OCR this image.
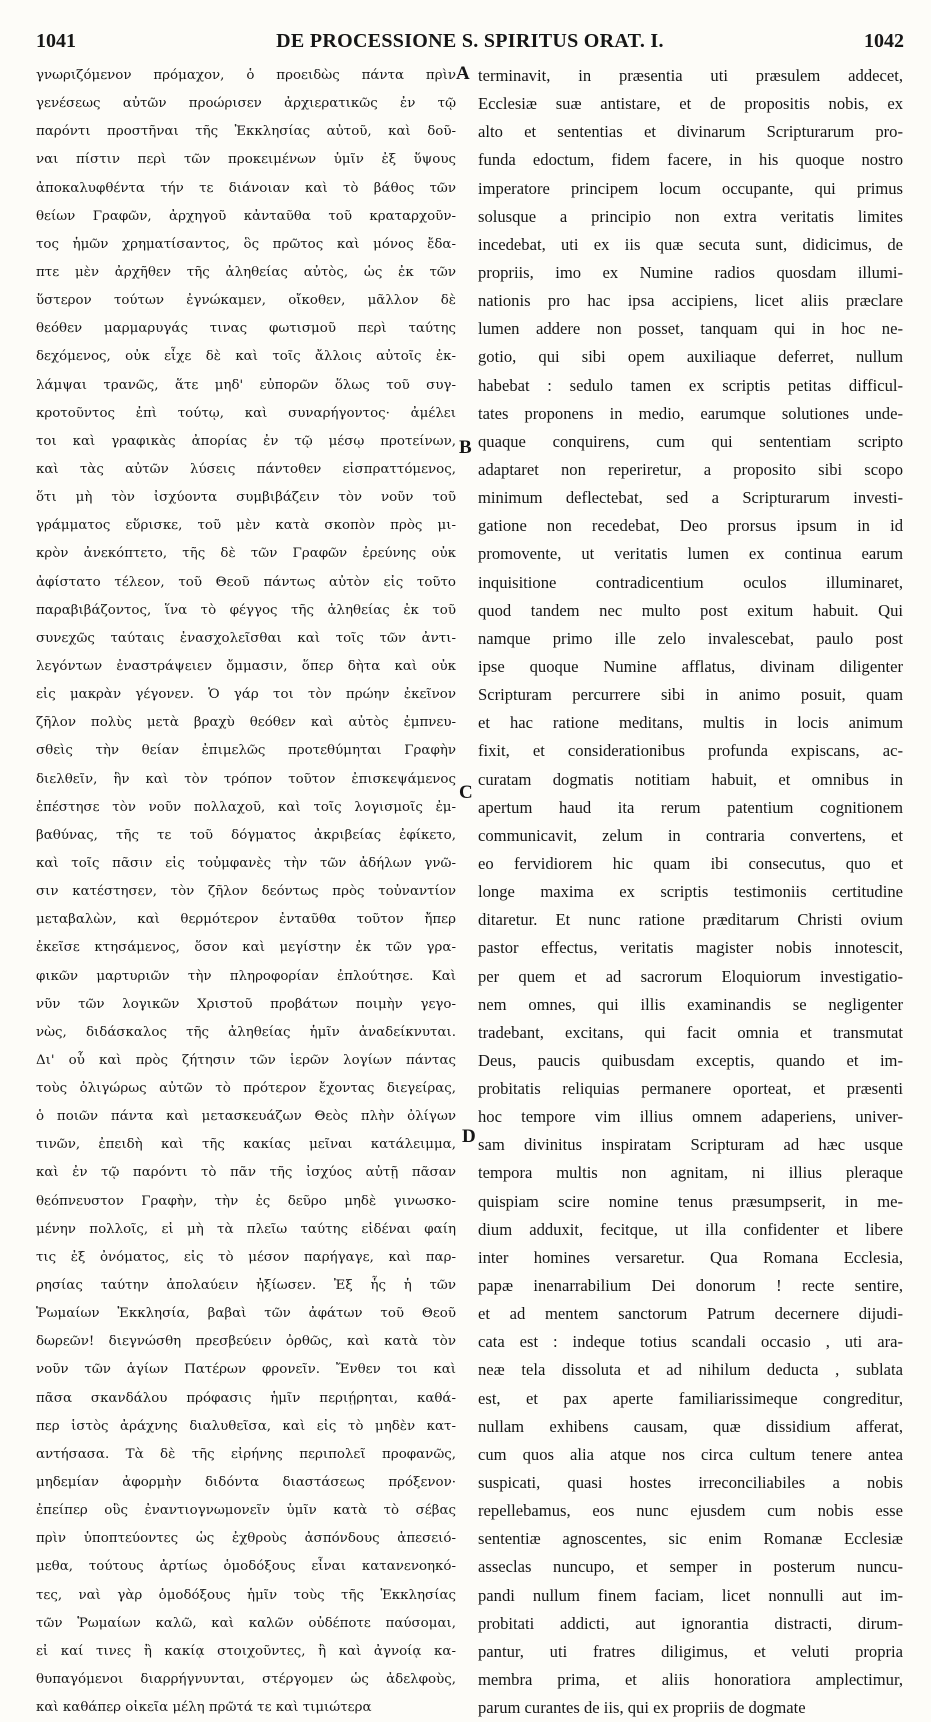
1041	DE PROCESSIONE S. SPIRITUS ORAT. I.	1042
γνωριζόμενον πρόμαχον, ὁ προειδὼς πάντα πρὶν
γενέσεως αὐτῶν προώρισεν ἀρχιερατικῶς ἐν τῷ
παρόντι προστῆναι τῆς Ἐκκλησίας αὐτοῦ, καὶ δοῦ-
ναι πίστιν περὶ τῶν προκειμένων ὑμῖν ἐξ ὕψους
ἀποκαλυφθέντα τήν τε διάνοιαν καὶ τὸ βάθος τῶν
θείων Γραφῶν, ἀρχηγοῦ κἀνταῦθα τοῦ κραταρχοῦν-
τος ἡμῶν χρηματίσαντος, ὃς πρῶτος καὶ μόνος ἔδα-
πτε μὲν ἀρχῆθεν τῆς ἀληθείας αὐτὸς, ὡς ἐκ τῶν
ὕστερον τούτων ἐγνώκαμεν, οἴκοθεν, μᾶλλον δὲ
θεόθεν μαρμαρυγάς τινας φωτισμοῦ περὶ ταύτης
δεχόμενος, οὐκ εἶχε δὲ καὶ τοῖς ἄλλοις αὐτοῖς ἐκ-
λάμψαι τρανῶς, ἅτε μηδ' εὐπορῶν ὅλως τοῦ συγ-
κροτοῦντος ἐπὶ τούτῳ, καὶ συναρήγοντος· ἀμέλει
τοι καὶ γραφικὰς ἀπορίας ἐν τῷ μέσῳ προτείνων,
καὶ τὰς αὐτῶν λύσεις πάντοθεν εἰσπραττόμενος,
ὅτι μὴ τὸν ἰσχύοντα συμβιβάζειν τὸν νοῦν τοῦ
γράμματος εὕρισκε, τοῦ μὲν κατὰ σκοπὸν πρὸς μι-
κρὸν ἀνεκόπτετο, τῆς δὲ τῶν Γραφῶν ἐρεύνης οὐκ
ἀφίστατο τέλεον, τοῦ Θεοῦ πάντως αὐτὸν εἰς τοῦτο
παραβιβάζοντος, ἵνα τὸ φέγγος τῆς ἀληθείας ἐκ τοῦ
συνεχῶς ταύταις ἐνασχολεῖσθαι καὶ τοῖς τῶν ἀντι-
λεγόντων ἐναστράψειεν ὄμμασιν, ὅπερ δὴτα καὶ οὐκ
εἰς μακρὰν γέγονεν. Ὁ γάρ τοι τὸν πρώην ἐκεῖνον
ζῆλον πολὺς μετὰ βραχὺ θεόθεν καὶ αὐτὸς ἐμπνευ-
σθεὶς τὴν θείαν ἐπιμελῶς προτεθύμηται Γραφὴν
διελθεῖν, ἣν καὶ τὸν τρόπον τοῦτον ἐπισκεψάμενος
ἐπέστησε τὸν νοῦν πολλαχοῦ, καὶ τοῖς λογισμοῖς ἐμ-
βαθύνας, τῆς τε τοῦ δόγματος ἀκριβείας ἐφίκετο,
καὶ τοῖς πᾶσιν εἰς τοὐμφανὲς τὴν τῶν ἀδήλων γνῶ-
σιν κατέστησεν, τὸν ζῆλον δεόντως πρὸς τοὐναντίον
μεταβαλὼν, καὶ θερμότερον ἐνταῦθα τοῦτον ἤπερ
ἐκεῖσε κτησάμενος, ὅσον καὶ μεγίστην ἐκ τῶν γρα-
φικῶν μαρτυριῶν τὴν πληροφορίαν ἐπλούτησε. Καὶ
νῦν τῶν λογικῶν Χριστοῦ προβάτων ποιμὴν γεγο-
νὼς, διδάσκαλος τῆς ἀληθείας ἡμῖν ἀναδείκνυται.
Δι' οὗ καὶ πρὸς ζήτησιν τῶν ἱερῶν λογίων πάντας
τοὺς ὀλιγώρως αὐτῶν τὸ πρότερον ἔχοντας διεγείρας,
ὁ ποιῶν πάντα καὶ μετασκευάζων Θεὸς πλὴν ὀλίγων
τινῶν, ἐπειδὴ καὶ τῆς κακίας μεῖναι κατάλειμμα,
καὶ ἐν τῷ παρόντι τὸ πᾶν τῆς ἰσχύος αὐτῇ πᾶσαν
θεόπνευστον Γραφὴν, τὴν ἐς δεῦρο μηδὲ γινωσκο-
μένην πολλοῖς, εἰ μὴ τὰ πλεῖω ταύτης εἰδέναι φαίη
τις ἐξ ὀνόματος, εἰς τὸ μέσον παρήγαγε, καὶ παρ-
ρησίας ταύτην ἀπολαύειν ἠξίωσεν. Ἐξ ἧς ἡ τῶν
Ῥωμαίων Ἐκκλησία, βαβαὶ τῶν ἀφάτων τοῦ Θεοῦ
δωρεῶν! διεγνώσθη πρεσβεύειν ὀρθῶς, καὶ κατὰ τὸν
νοῦν τῶν ἁγίων Πατέρων φρονεῖν. Ἔνθεν τοι καὶ
πᾶσα σκανδάλου πρόφασις ἡμῖν περιῄρηται, καθά-
περ ἱστὸς ἀράχνης διαλυθεῖσα, καὶ εἰς τὸ μηδὲν κατ-
αντήσασα. Τὰ δὲ τῆς εἰρήνης περιπολεῖ προφανῶς,
μηδεμίαν ἀφορμὴν διδόντα διαστάσεως πρόξενον·
ἐπείπερ οὓς ἐναντιογνωμονεῖν ὑμῖν κατὰ τὸ σέβας
πρὶν ὑποπτεύοντες ὡς ἐχθροὺς ἀσπόνδους ἀπεσειό-
μεθα, τούτους ἀρτίως ὁμοδόξους εἶναι κατανενοηκό-
τες, ναὶ γὰρ ὁμοδόξους ἡμῖν τοὺς τῆς Ἐκκλησίας
τῶν Ῥωμαίων καλῶ, καὶ καλῶν οὐδέποτε παύσομαι,
εἰ καί τινες ἢ κακίᾳ στοιχοῦντες, ἢ καὶ ἀγνοίᾳ κα-
θυπαγόμενοι διαρρήγνυνται, στέργομεν ὡς ἀδελφοὺς,
καὶ καθάπερ οἰκεῖα μέλη πρῶτά τε καὶ τιμιώτερα
terminavit, in præsentia uti præsulem addecet,
Ecclesiæ suæ antistare, et de propositis nobis, ex
alto et sententias et divinarum Scripturarum pro-
funda edoctum, fidem facere, in his quoque nostro
imperatore principem locum occupante, qui primus
solusque a principio non extra veritatis limites
incedebat, uti ex iis quæ secuta sunt, didicimus, de
propriis, imo ex Numine radios quosdam illumi-
nationis pro hac ipsa accipiens, licet aliis præclare
lumen addere non posset, tanquam qui in hoc ne-
gotio, qui sibi opem auxiliaque deferret, nullum
habebat : sedulo tamen ex scriptis petitas difficul-
tates proponens in medio, earumque solutiones unde-
quaque conquirens, cum qui sententiam scripto
adaptaret non reperiretur, a proposito sibi scopo
minimum deflectebat, sed a Scripturarum investi-
gatione non recedebat, Deo prorsus ipsum in id
promovente, ut veritatis lumen ex continua earum
inquisitione contradicentium oculos illuminaret,
quod tandem nec multo post exitum habuit. Qui
namque primo ille zelo invalescebat, paulo post
ipse quoque Numine afflatus, divinam diligenter
Scripturam percurrere sibi in animo posuit, quam
et hac ratione meditans, multis in locis animum
fixit, et considerationibus profunda expiscans, ac-
curatam dogmatis notitiam habuit, et omnibus in
apertum haud ita rerum patentium cognitionem
communicavit, zelum in contraria convertens, et
eo fervidiorem hic quam ibi consecutus, quo et
longe maxima ex scriptis testimoniis certitudine
ditaretur. Et nunc ratione præditarum Christi ovium
pastor effectus, veritatis magister nobis innotescit,
per quem et ad sacrorum Eloquiorum investigatio-
nem omnes, qui illis examinandis se negligenter
tradebant, excitans, qui facit omnia et transmutat
Deus, paucis quibusdam exceptis, quando et im-
probitatis reliquias permanere oporteat, et præsenti
hoc tempore vim illius omnem adaperiens, univer-
sam divinitus inspiratam Scripturam ad hæc usque
tempora multis non agnitam, ni illius pleraque
quispiam scire nomine tenus præsumpserit, in me-
dium adduxit, fecitque, ut illa confidenter et libere
inter homines versaretur. Qua Romana Ecclesia,
papæ inenarrabilium Dei donorum ! recte sentire,
et ad mentem sanctorum Patrum decernere dijudi-
cata est : indeque totius scandali occasio , uti ara-
neæ tela dissoluta et ad nihilum deducta , sublata
est, et pax aperte familiarissimeque congreditur,
nullam exhibens causam, quæ dissidium afferat,
cum quos alia atque nos circa cultum tenere antea
suspicati, quasi hostes irreconciliabiles a nobis
repellebamus, eos nunc ejusdem cum nobis esse
sententiæ agnoscentes, sic enim Romanæ Ecclesiæ
asseclas nuncupo, et semper in posterum nuncu-
pandi nullum finem faciam, licet nonnulli aut im-
probitati addicti, aut ignorantia distracti, dirum-
pantur, uti fratres diligimus, et veluti propria
membra prima, et aliis honoratiora amplectimur,
parum curantes de iis, qui ex propriis de dogmate
A
B
C
D
